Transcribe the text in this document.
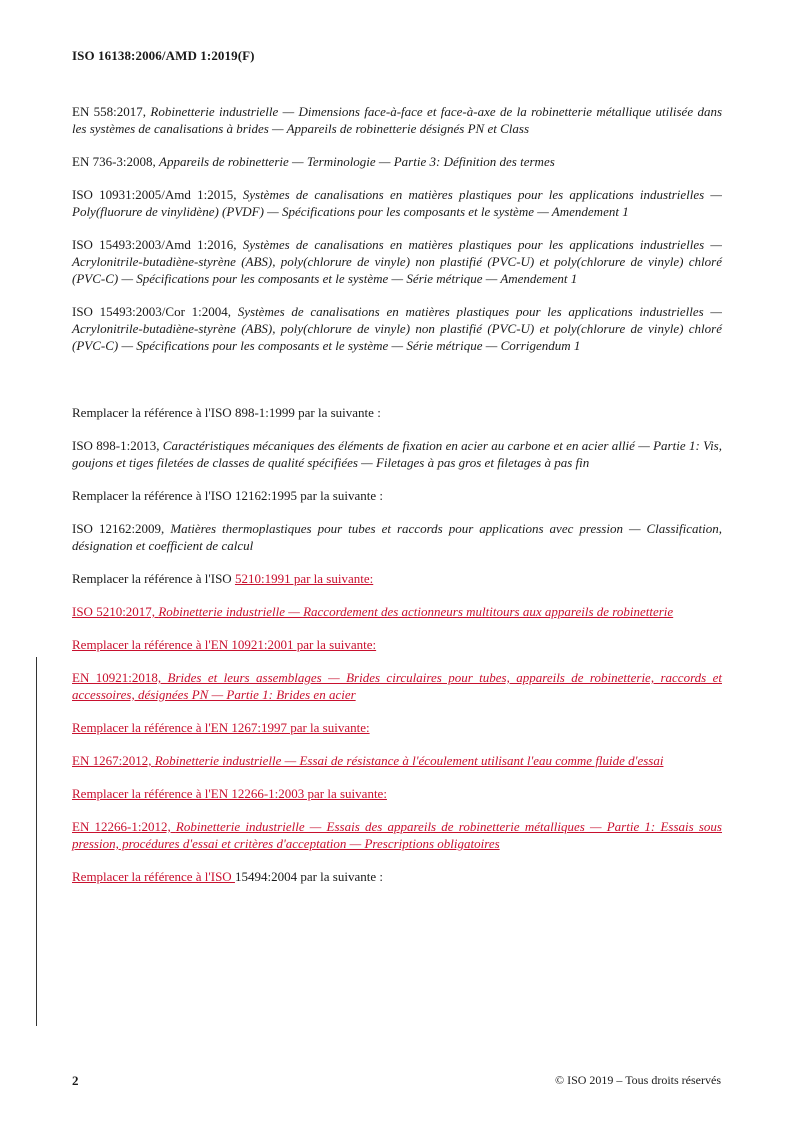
ISO 16138:2006/AMD 1:2019(F)

EN 558:2017, Robinetterie industrielle — Dimensions face-à-face et face-à-axe de la robinetterie métallique utilisée dans les systèmes de canalisations à brides — Appareils de robinetterie désignés PN et Class

EN 736-3:2008, Appareils de robinetterie — Terminologie — Partie 3: Définition des termes

ISO 10931:2005/Amd 1:2015, Systèmes de canalisations en matières plastiques pour les applications industrielles — Poly(fluorure de vinylidène) (PVDF) — Spécifications pour les composants et le système — Amendement 1

ISO 15493:2003/Amd 1:2016, Systèmes de canalisations en matières plastiques pour les applications industrielles — Acrylonitrile-butadiène-styrène (ABS), poly(chlorure de vinyle) non plastifié (PVC-U) et poly(chlorure de vinyle) chloré (PVC-C) — Spécifications pour les composants et le système — Série métrique — Amendement 1

ISO 15493:2003/Cor 1:2004, Systèmes de canalisations en matières plastiques pour les applications industrielles — Acrylonitrile-butadiène-styrène (ABS), poly(chlorure de vinyle) non plastifié (PVC-U) et poly(chlorure de vinyle) chloré (PVC-C) — Spécifications pour les composants et le système — Série métrique — Corrigendum 1

Remplacer la référence à l'ISO 898-1:1999 par la suivante :

ISO 898-1:2013, Caractéristiques mécaniques des éléments de fixation en acier au carbone et en acier allié — Partie 1: Vis, goujons et tiges filetées de classes de qualité spécifiées — Filetages à pas gros et filetages à pas fin

Remplacer la référence à l'ISO 12162:1995 par la suivante :

ISO 12162:2009, Matières thermoplastiques pour tubes et raccords pour applications avec pression — Classification, désignation et coefficient de calcul

Remplacer la référence à l'ISO 5210:1991 par la suivante:

ISO 5210:2017, Robinetterie industrielle — Raccordement des actionneurs multitours aux appareils de robinetterie

Remplacer la référence à l'EN 10921:2001 par la suivante:

EN 10921:2018, Brides et leurs assemblages — Brides circulaires pour tubes, appareils de robinetterie, raccords et accessoires, désignées PN — Partie 1: Brides en acier

Remplacer la référence à l'EN 1267:1997 par la suivante:

EN 1267:2012, Robinetterie industrielle — Essai de résistance à l'écoulement utilisant l'eau comme fluide d'essai

Remplacer la référence à l'EN 12266-1:2003 par la suivante:

EN 12266-1:2012, Robinetterie industrielle — Essais des appareils de robinetterie métalliques — Partie 1: Essais sous pression, procédures d'essai et critères d'acceptation — Prescriptions obligatoires

Remplacer la référence à l'ISO 15494:2004 par la suivante :

2	© ISO 2019 – Tous droits réservés
